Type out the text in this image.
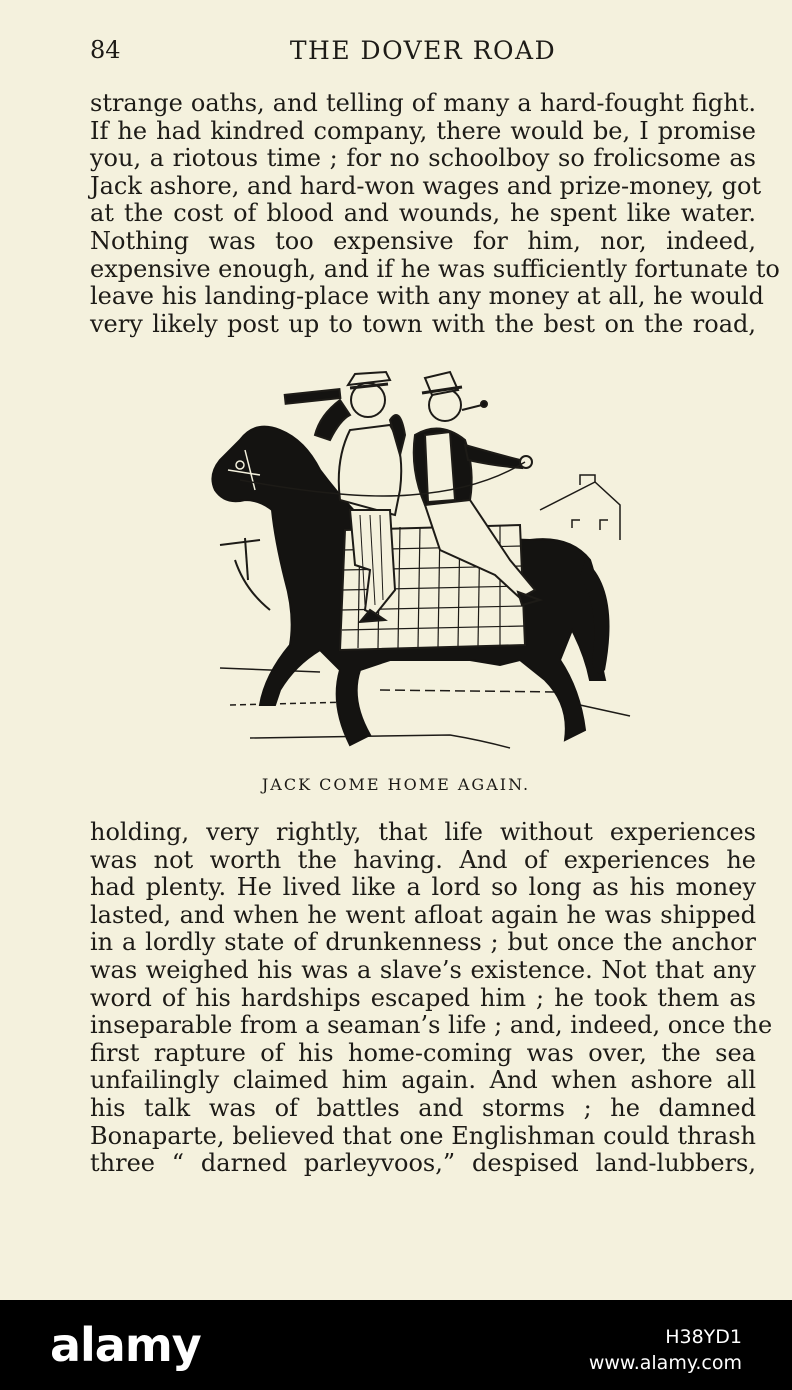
84	THE DOVER ROAD
strange oaths, and telling of many a hard-fought fight.
If he had kindred company, there would be, I promise
you, a riotous time ; for no schoolboy so frolicsome as
Jack ashore, and hard-won wages and prize-money, got
at the cost of blood and wounds, he spent like water.
Nothing was too expensive for him, nor, indeed,
expensive enough, and if he was sufficiently fortunate to
leave his landing-place with any money at all, he would
very likely post up to town with the best on the road,
JACK COME HOME AGAIN.
holding, very rightly, that life without experiences
was not worth the having. And of experiences he
had plenty. He lived like a lord so long as his money
lasted, and when he went afloat again he was shipped
in a lordly state of drunkenness ; but once the anchor
was weighed his was a slave’s existence. Not that any
word of his hardships escaped him ; he took them as
inseparable from a seaman’s life ; and, indeed, once the
first rapture of his home-coming was over, the sea
unfailingly claimed him again. And when ashore all
his talk was of battles and storms ; he damned
Bonaparte, believed that one Englishman could thrash
three “ darned parleyvoos,” despised land-lubbers,
alamy	H38YD1
www.alamy.com
